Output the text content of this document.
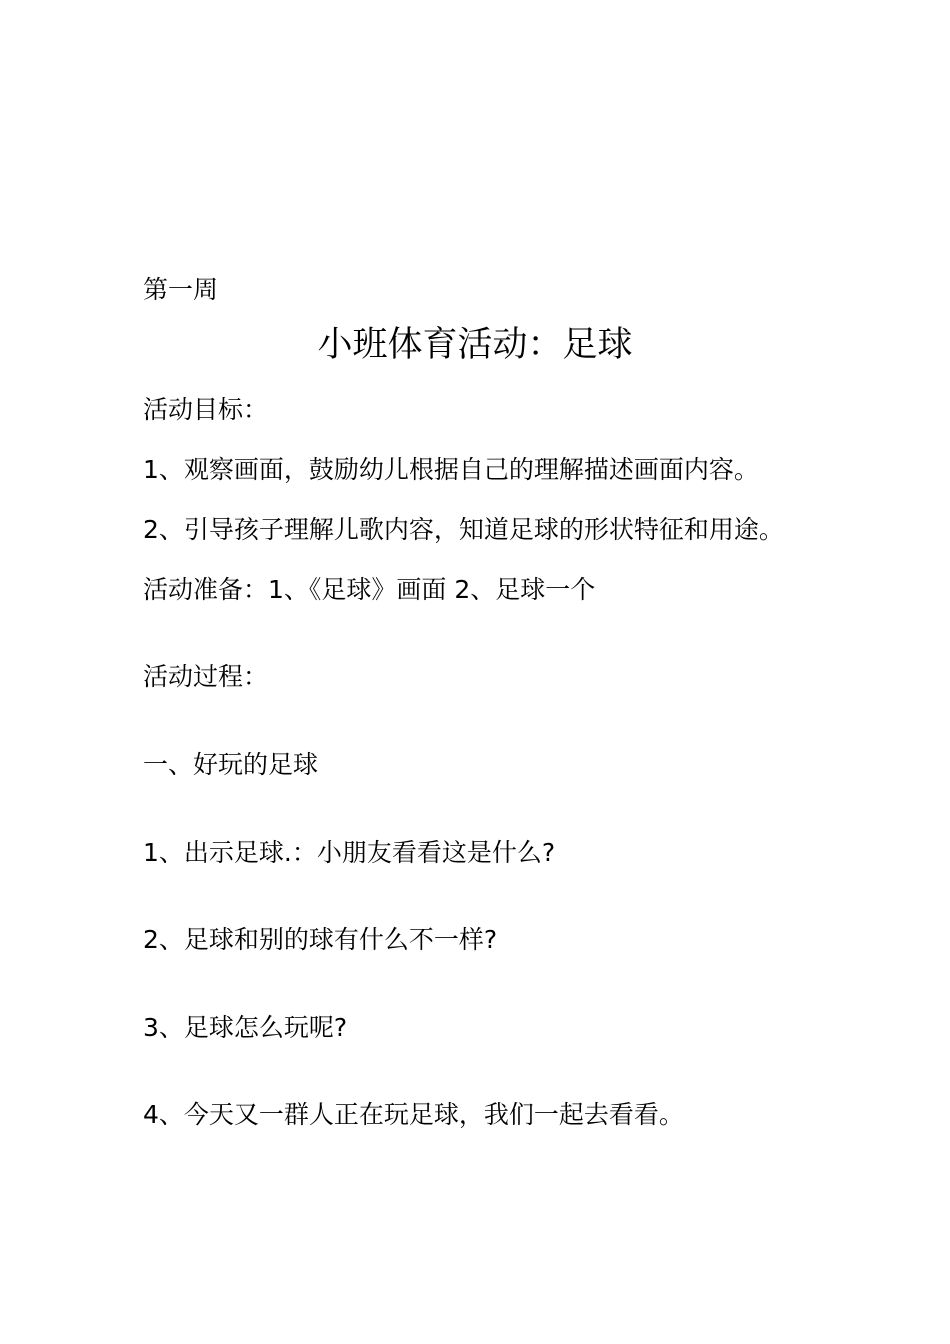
第一周
小班体育活动：足球
活动目标：
1、观察画面，鼓励幼儿根据自己的理解描述画面内容。
2、引导孩子理解儿歌内容，知道足球的形状特征和用途。
活动准备：1、《足球》画面 2、足球一个
活动过程：
一、好玩的足球
1、出示足球.：小朋友看看这是什么?
2、足球和别的球有什么不一样?
3、足球怎么玩呢?
4、今天又一群人正在玩足球，我们一起去看看。
